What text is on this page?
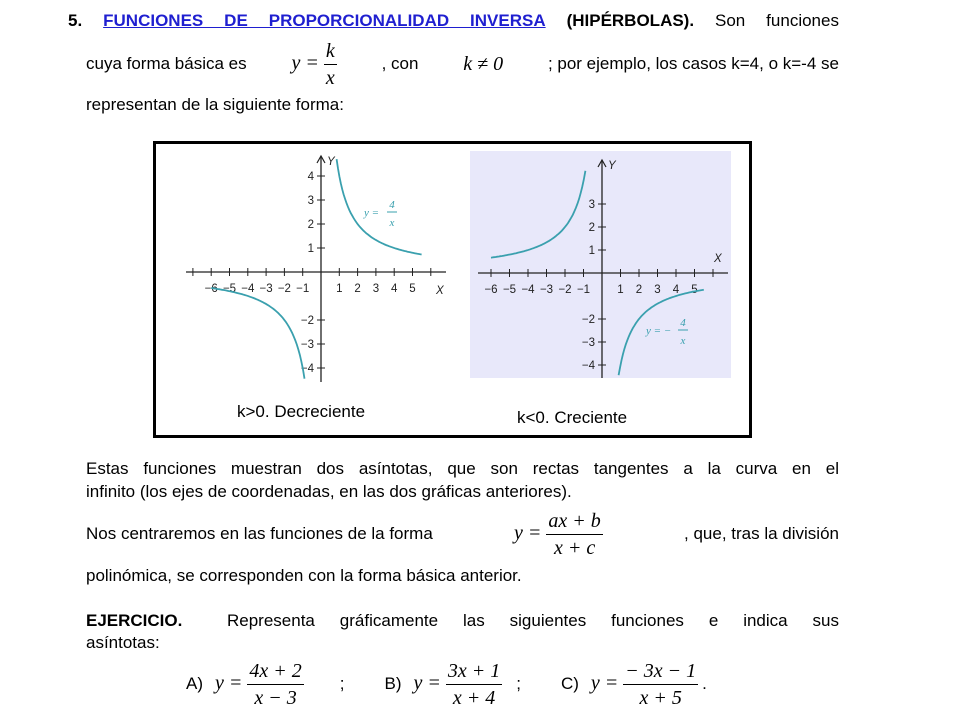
5. FUNCIONES DE PROPORCIONALIDAD INVERSA (HIPÉRBOLAS). Son funciones
cuya forma básica es $y = \frac{k}{x}$	, con k ≠ 0	; por ejemplo, los casos k=4, o k=-4 se
representan de la siguiente forma:
−6 −5 −4 −3 −2 −1 1 2 3 4 5
4
3
2
1
−2
−3
−4
X
Y
y =
4
x
−6 −5 −4 −3 −2 −1 1 2 3 4 5
3
2
1
−2
−3
−4
X
Y
y = −
4
x
k>0. Decreciente	k<0. Creciente
Estas funciones muestran dos asíntotas, que son rectas tangentes a la curva en el
infinito (los ejes de coordenadas, en las dos gráficas anteriores).
Nos centraremos en las funciones de la forma	$y = \frac{ax + b}{x + c}$	, que, tras la división
polinómica, se corresponden con la forma básica anterior.
EJERCICIO.	Representa gráficamente las siguientes funciones e indica sus
asíntotas:
A) $y = \frac{4x + 2}{x - 3}$ ; B) $y = \frac{3x + 1}{x + 4}$ ; C) $y = \frac{- 3x - 1}{x + 5}$ .
